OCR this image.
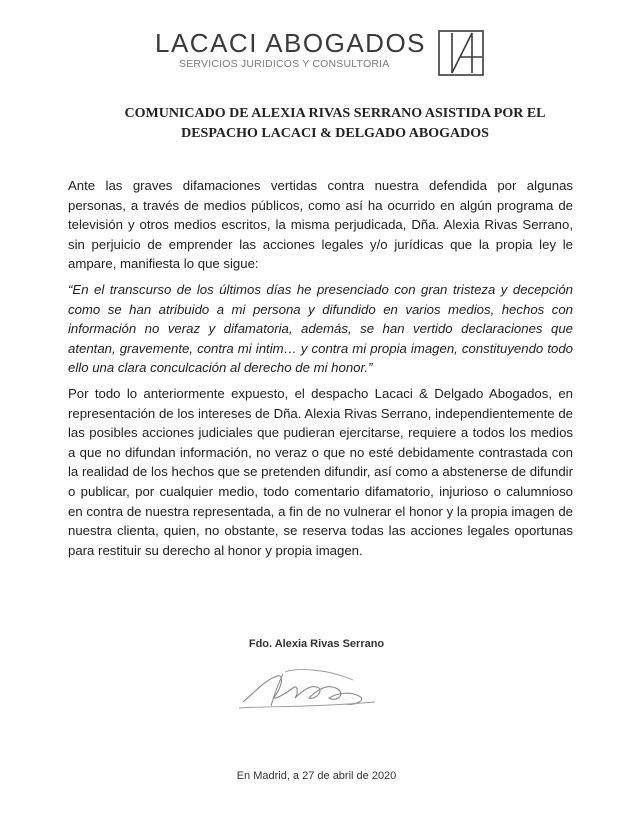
LACACI ABOGADOS
SERVICIOS JURIDICOS Y CONSULTORIA
COMUNICADO DE ALEXIA RIVAS SERRANO ASISTIDA POR EL DESPACHO LACACI & DELGADO ABOGADOS
Ante las graves difamaciones vertidas contra nuestra defendida por algunas personas, a través de medios públicos, como así ha ocurrido en algún programa de televisión y otros medios escritos, la misma perjudicada, Dña. Alexia Rivas Serrano, sin perjuicio de emprender las acciones legales y/o jurídicas que la propia ley le ampare, manifiesta lo que sigue:
“En el transcurso de los últimos días he presenciado con gran tristeza y decepción como se han atribuido a mi persona y difundido en varios medios, hechos con información no veraz y difamatoria, además, se han vertido declaraciones que atentan, gravemente, contra mi intim… y contra mi propia imagen, constituyendo todo ello una clara conculcación al derecho de mi honor.”
Por todo lo anteriormente expuesto, el despacho Lacaci & Delgado Abogados, en representación de los intereses de Dña. Alexia Rivas Serrano, independientemente de las posibles acciones judiciales que pudieran ejercitarse, requiere a todos los medios a que no difundan información, no veraz o que no esté debidamente contrastada con la realidad de los hechos que se pretenden difundir, así como a abstenerse de difundir o publicar, por cualquier medio, todo comentario difamatorio, injurioso o calumnioso en contra de nuestra representada, a fin de no vulnerar el honor y la propia imagen de nuestra clienta, quien, no obstante, se reserva todas las acciones legales oportunas para restituir su derecho al honor y propia imagen.
Fdo. Alexia Rivas Serrano
En Madrid, a 27 de abril de 2020
